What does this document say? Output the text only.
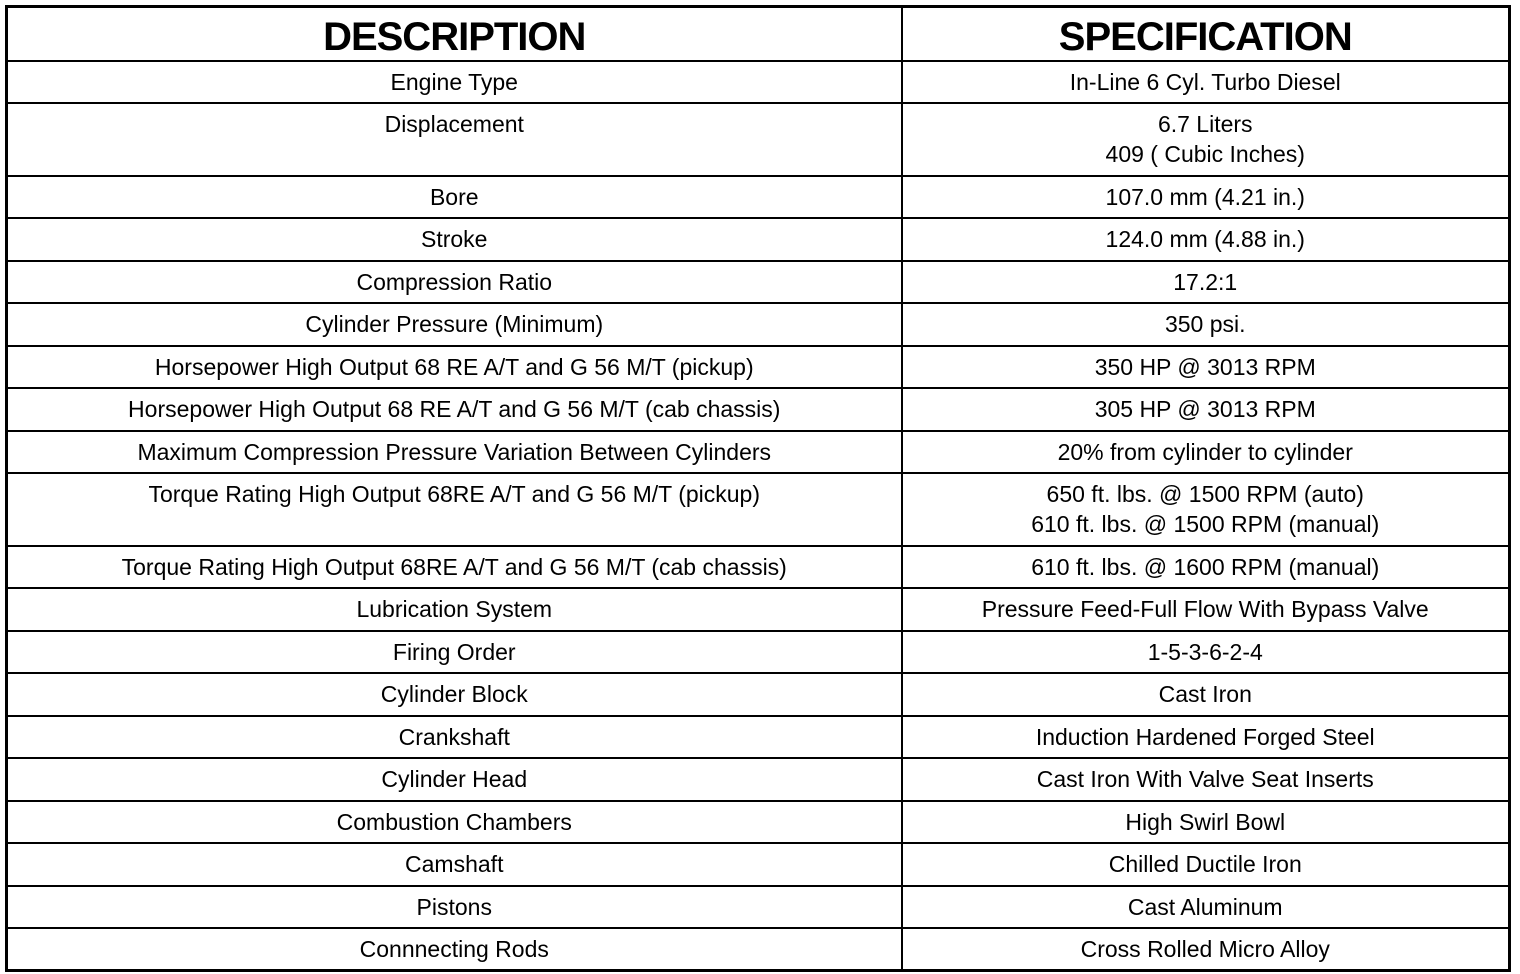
DESCRIPTION	SPECIFICATION

Engine Type	In-Line 6 Cyl. Turbo Diesel

Displacement	6.7 Liters
409 ( Cubic Inches)

Bore	107.0 mm (4.21 in.)

Stroke	124.0 mm (4.88 in.)

Compression Ratio	17.2:1

Cylinder Pressure (Minimum)	350 psi.

Horsepower High Output 68 RE A/T and G 56 M/T (pickup)	350 HP @ 3013 RPM

Horsepower High Output 68 RE A/T and G 56 M/T (cab chassis)	305 HP @ 3013 RPM

Maximum Compression Pressure Variation Between Cylinders	20% from cylinder to cylinder

Torque Rating High Output 68RE A/T and G 56 M/T (pickup)	650 ft. lbs. @ 1500 RPM (auto)
610 ft. lbs. @ 1500 RPM (manual)

Torque Rating High Output 68RE A/T and G 56 M/T (cab chassis)	610 ft. lbs. @ 1600 RPM (manual)

Lubrication System	Pressure Feed-Full Flow With Bypass Valve

Firing Order	1-5-3-6-2-4

Cylinder Block	Cast Iron

Crankshaft	Induction Hardened Forged Steel

Cylinder Head	Cast Iron With Valve Seat Inserts

Combustion Chambers	High Swirl Bowl

Camshaft	Chilled Ductile Iron

Pistons	Cast Aluminum

Connnecting Rods	Cross Rolled Micro Alloy
